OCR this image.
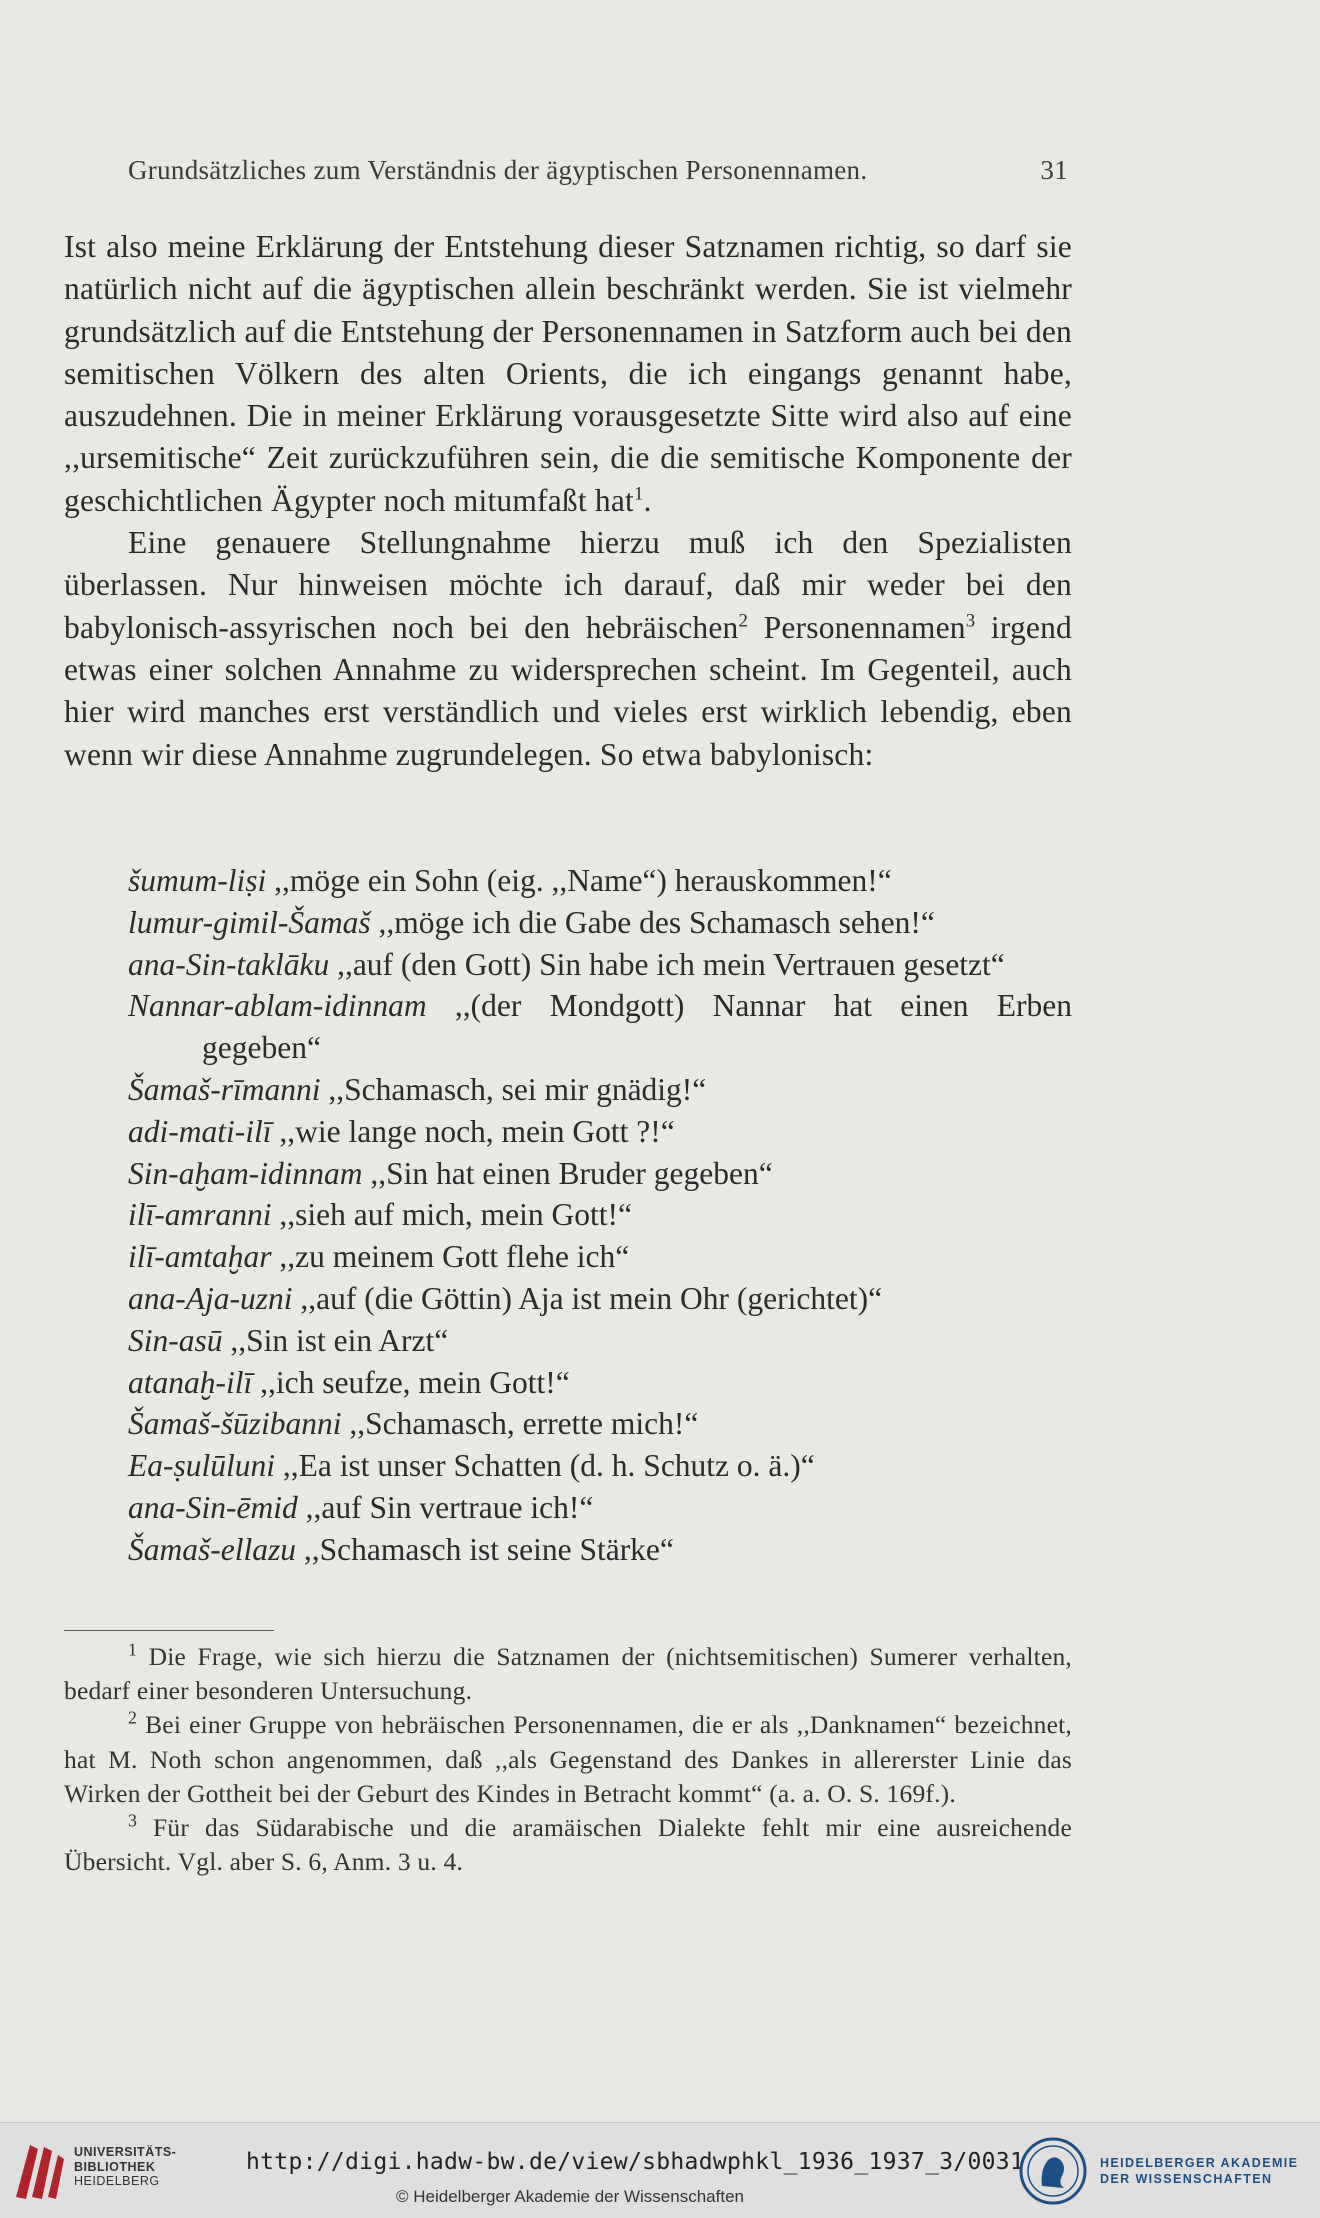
Grundsätzliches zum Verständnis der ägyptischen Personennamen.	31

Ist also meine Erklärung der Entstehung dieser Satznamen richtig, so darf sie natürlich nicht auf die ägyptischen allein beschränkt werden. Sie ist vielmehr grundsätzlich auf die Entstehung der Personennamen in Satzform auch bei den semitischen Völkern des alten Orients, die ich eingangs genannt habe, auszudehnen. Die in meiner Erklärung vorausgesetzte Sitte wird also auf eine ,,ursemitische“ Zeit zurückzuführen sein, die die semitische Komponente der geschichtlichen Ägypter noch mitumfaßt hat$^1$.

Eine genauere Stellungnahme hierzu muß ich den Spezialisten überlassen. Nur hinweisen möchte ich darauf, daß mir weder bei den babylonisch-assyrischen noch bei den hebräischen$^2$ Personennamen$^3$ irgend etwas einer solchen Annahme zu widersprechen scheint. Im Gegenteil, auch hier wird manches erst verständlich und vieles erst wirklich lebendig, eben wenn wir diese Annahme zugrundelegen. So etwa babylonisch:

šumum-liṣi ,,möge ein Sohn (eig. ,,Name“) herauskommen!“
lumur-gimil-Šamaš ,,möge ich die Gabe des Schamasch sehen!“
ana-Sin-taklāku ,,auf (den Gott) Sin habe ich mein Vertrauen gesetzt“
Nannar-ablam-idinnam ,,(der Mondgott) Nannar hat einen Erben gegeben“
Šamaš-rīmanni ,,Schamasch, sei mir gnädig!“
adi-mati-ilī ,,wie lange noch, mein Gott ?!“
Sin-aḫam-idinnam ,,Sin hat einen Bruder gegeben“
ilī-amranni ,,sieh auf mich, mein Gott!“
ilī-amtaḫar ,,zu meinem Gott flehe ich“
ana-Aja-uzni ,,auf (die Göttin) Aja ist mein Ohr (gerichtet)“
Sin-asū ,,Sin ist ein Arzt“
atanaḫ-ilī ,,ich seufze, mein Gott!“
Šamaš-šūzibanni ,,Schamasch, errette mich!“
Ea-ṣulūluni ,,Ea ist unser Schatten (d. h. Schutz o. ä.)“
ana-Sin-ēmid ,,auf Sin vertraue ich!“
Šamaš-ellazu ,,Schamasch ist seine Stärke“

$^1$ Die Frage, wie sich hierzu die Satznamen der (nichtsemitischen) Sumerer verhalten, bedarf einer besonderen Untersuchung.

$^2$ Bei einer Gruppe von hebräischen Personennamen, die er als ,,Danknamen“ bezeichnet, hat M. Noth schon angenommen, daß ,,als Gegenstand des Dankes in allererster Linie das Wirken der Gottheit bei der Geburt des Kindes in Betracht kommt“ (a. a. O. S. 169f.).

$^3$ Für das Südarabische und die aramäischen Dialekte fehlt mir eine ausreichende Übersicht. Vgl. aber S. 6, Anm. 3 u. 4.

UNIVERSITÄTS-
BIBLIOTHEK
HEIDELBERG
http://digi.hadw-bw.de/view/sbhadwphkl_1936_1937_3/0031
© Heidelberger Akademie der Wissenschaften
HEIDELBERGER AKADEMIE
DER WISSENSCHAFTEN
